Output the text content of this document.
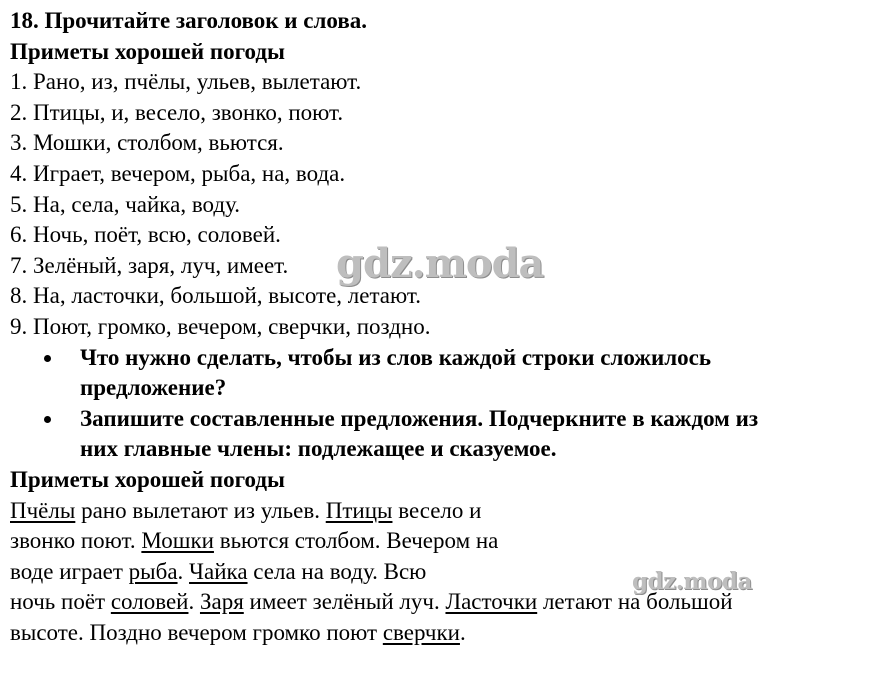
18. Прочитайте заголовок и слова.
Приметы хорошей погоды
1. Рано, из, пчёлы, ульев, вылетают.
2. Птицы, и, весело, звонко, поют.
3. Мошки, столбом, вьются.
4. Играет, вечером, рыба, на, вода.
5. На, села, чайка, воду.
6. Ночь, поёт, всю, соловей.
7. Зелёный, заря, луч, имеет.
8. На, ласточки, большой, высоте, летают.
9. Поют, громко, вечером, сверчки, поздно.
Что нужно сделать, чтобы из слов каждой строки сложилось
предложение?
Запишите составленные предложения. Подчеркните в каждом из
них главные члены: подлежащее и сказуемое.
Приметы хорошей погоды
Пчёлы рано вылетают из ульев. Птицы весело и
звонко поют. Мошки вьются столбом. Вечером на
воде играет рыба. Чайка села на воду. Всю
ночь поёт соловей. Заря имеет зелёный луч. Ласточки летают на большой
высоте. Поздно вечером громко поют сверчки.
gdz.moda
gdz.moda
